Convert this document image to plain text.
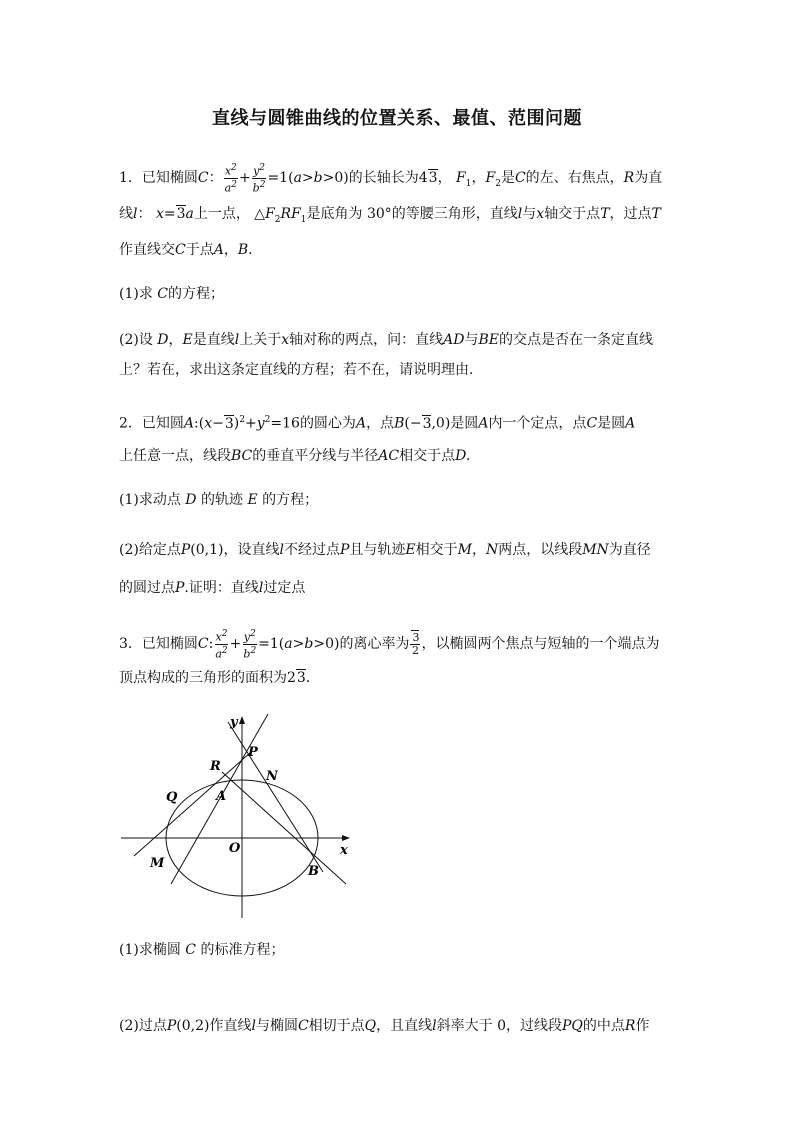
直线与圆锥曲线的位置关系、最值、范围问题
1．已知椭圆C： $\frac{x^2}{a^2} + \frac{y^2}{b^2} =1(a>b>0)$的长轴长为43， $F_1$，$F_2$是C的左、右焦点，R为直
线l： x=3a上一点， $\triangle F_2RF_1$是底角为 30°的等腰三角形，直线l与x轴交于点T，过点T
作直线交C于点A，B.
(1)求 C的方程；
(2)设 D，E是直线l上关于x轴对称的两点，问：直线AD与BE的交点是否在一条定直线
上？若在，求出这条定直线的方程；若不在，请说明理由.
2．已知圆$A:(x-3)^2+y^2=16$的圆心为A，点B(−3,0)是圆A内一个定点，点C是圆A
上任意一点，线段BC的垂直平分线与半径AC相交于点D.
(1)求动点 D 的轨迹 E 的方程；
(2)给定点P(0,1)，设直线l不经过点P且与轨迹E相交于M，N两点，以线段MN为直径
的圆过点P.证明：直线l过定点
3．已知椭圆C: $\frac{x^2}{a^2} + \frac{y^2}{b^2} =1(a>b>0)$的离心率为 $\frac{3}{2}$ ，以椭圆两个焦点与短轴的一个端点为
顶点构成的三角形的面积为23．
y
x
O
P
R
N
Q	A
M
B
(1)求椭圆 C 的标准方程；
(2)过点P(0,2)作直线l与椭圆C相切于点Q，且直线l斜率大于 0，过线段PQ的中点R作
